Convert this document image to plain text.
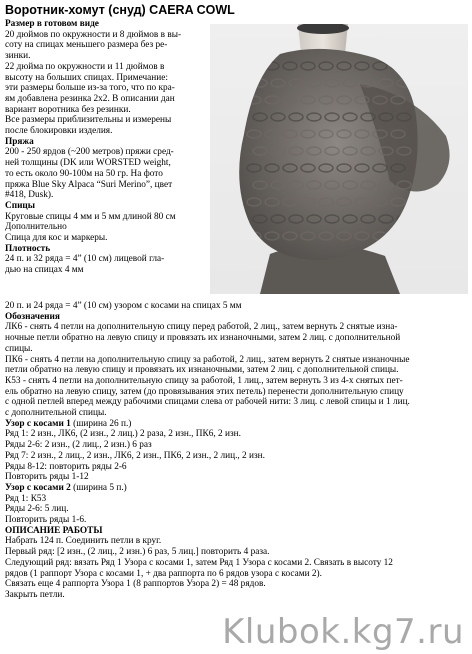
Воротник-хомут (снуд) CAERA COWL

Размер в готовом виде

20 дюймов по окружности и 8 дюймов в вы-

соту на спицах меньшего размера без ре-

зинки.

22 дюйма по окружности и 11 дюймов в

высоту на больших спицах. Примечание:

эти размеры больше из-за того, что по кра-

ям добавлена резинка 2х2. В описании дан

вариант воротника без резинки.

Все размеры приблизительны и измерены

после блокировки изделия.

Пряжа

200 - 250 ярдов (~200 метров) пряжи сред-

ней толщины (DK или WORSTED weight,

то есть около 90-100м на 50 гр. На фото

пряжа Blue Sky Alpaca “Suri Merino”, цвет

#418, Dusk).

Спицы

Круговые спицы 4 мм и 5 мм длиной 80 см

Дополнительно

Спица для кос и маркеры.

Плотность

24 п. и 32 ряда = 4” (10 см) лицевой гла-

дью на спицах 4 мм

20 п. и 24 ряда = 4” (10 см) узором с косами на спицах 5 мм

Обозначения

ЛК6 - снять 4 петли на дополнительную спицу перед работой, 2 лиц., затем вернуть 2 снятые изна-

ночные петли обратно на левую спицу и провязать их изнаночными, затем 2 лиц. с дополнительной

спицы.

ПК6 - снять 4 петли на дополнительную спицу за работой, 2 лиц., затем вернуть 2 снятые изнаночные

петли обратно на левую спицу и провязать их изнаночными, затем 2 лиц. с дополнительной спицы.

К53 - снять 4 петли на дополнительную спицу за работой, 1 лиц., затем вернуть 3 из 4-х снятых пет-

ель обратно на левую спицу, затем (до провязывания этих петель) перенести дополнительную спицу

с одной петлей вперед между рабочими спицами слева от рабочей нити: 3 лиц. с левой спицы и 1 лиц.

с дополнительной спицы.

Узор с косами 1 (ширина 26 п.)

Ряд 1: 2 изн., ЛК6, (2 изн., 2 лиц.) 2 раза, 2 изн., ПК6, 2 изн.

Ряды 2-6: 2 изн., (2 лиц., 2 изн.) 6 раз

Ряд 7: 2 изн., 2 лиц., 2 изн., ЛК6, 2 изн., ПК6, 2 изн., 2 лиц., 2 изн.

Ряды 8-12: повторить ряды 2-6

Повторить ряды 1-12

Узор с косами 2 (ширина 5 п.)

Ряд 1: К53

Ряды 2-6: 5 лиц.

Повторить ряды 1-6.

ОПИСАНИЕ РАБОТЫ

Набрать 124 п. Соединить петли в круг.

Первый ряд: [2 изн., (2 лиц., 2 изн.) 6 раз, 5 лиц.] повторить 4 раза.

Следующий ряд: вязать Ряд 1 Узора с косами 1, затем Ряд 1 Узора с косами 2. Связать в высоту 12

рядов (1 раппорт Узора с косами 1, + два раппорта по 6 рядов узора с косами 2).

Связать еще 4 раппорта Узора 1 (8 раппортов Узора 2) = 48 рядов.

Закрыть петли.

Klubok.kg7.ru
